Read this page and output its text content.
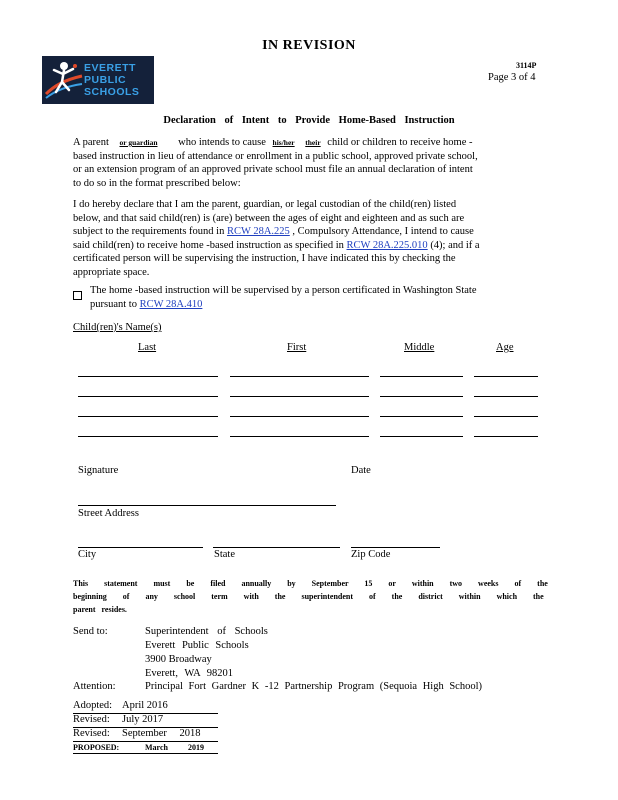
IN REVISION
EVERETT
PUBLIC
SCHOOLS
3114P
Page 3 of 4
Declaration of Intent to Provide Home-Based Instruction
A parent or guardian who intends to cause his/her their child or children to receive home -
based instruction in lieu of attendance or enrollment in a public school, approved private school,
or an extension program of an approved private school must file an annual declaration of intent
to do so in the format prescribed below:
I do hereby declare that I am the parent, guardian, or legal custodian of the child(ren) listed
below, and that said child(ren) is (are) between the ages of eight and eighteen and as such are
subject to the requirements found in RCW 28A.225 , Compulsory Attendance, I intend to cause
said child(ren) to receive home -based instruction as specified in RCW 28A.225.010 (4); and if a
certificated person will be supervising the instruction, I have indicated this by checking the
appropriate space.
The home -based instruction will be supervised by a person certificated in Washington State
pursuant to RCW 28A.410
Child(ren)'s Name(s)
Last	First	Middle	Age
Signature	Date
Street Address
City	State	Zip Code
This statement must be filed annually by September 15 or within two weeks of the
beginning of any school term with the superintendent of the district within which the
parent resides.
Send to:	Superintendent of Schools
Everett Public Schools
3900 Broadway
Everett, WA 98201
Attention:	Principal Fort Gardner K -12 Partnership Program (Sequoia High School)
Adopted: April 2016
Revised: July 2017
Revised: September 2018
PROPOSED:	March 2019
